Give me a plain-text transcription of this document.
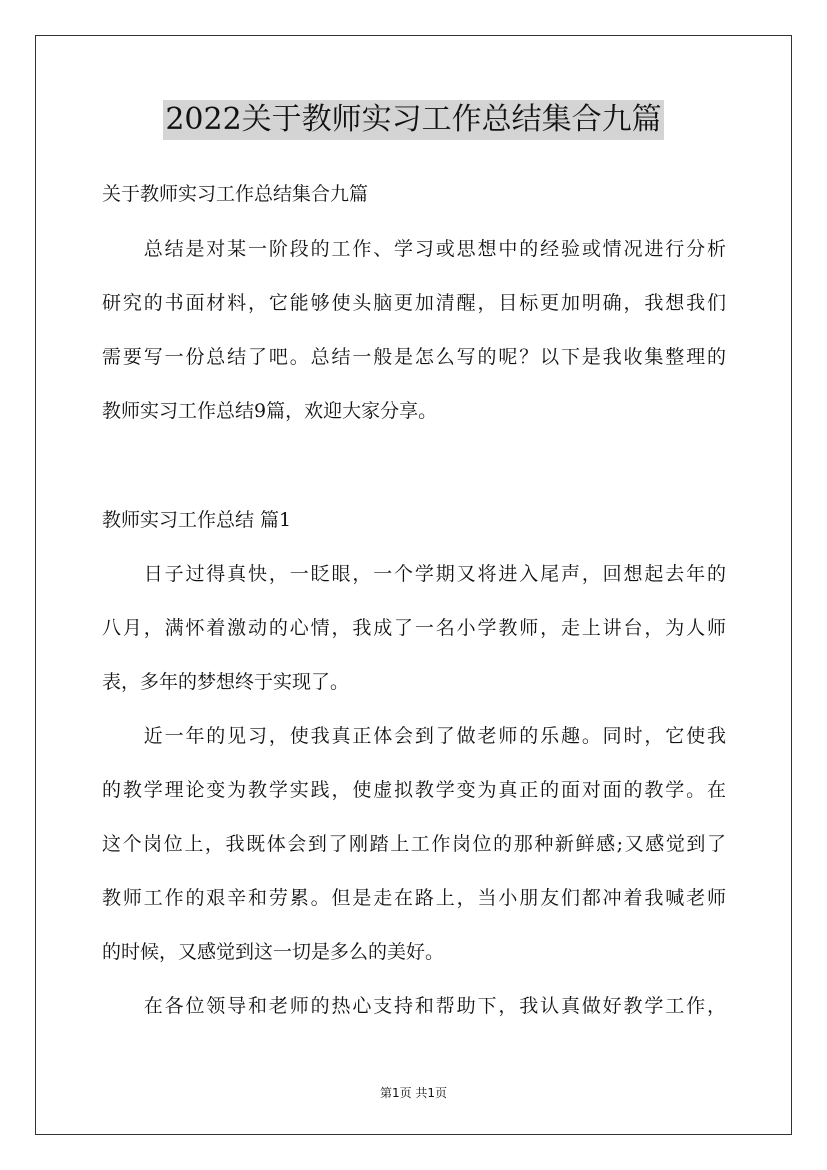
2022关于教师实习工作总结集合九篇
关于教师实习工作总结集合九篇
　　总结是对某一阶段的工作、学习或思想中的经验或情况进行分析
研究的书面材料，它能够使头脑更加清醒，目标更加明确，我想我们
需要写一份总结了吧。总结一般是怎么写的呢？以下是我收集整理的
教师实习工作总结9篇，欢迎大家分享。
教师实习工作总结 篇1
　　日子过得真快，一眨眼，一个学期又将进入尾声，回想起去年的
八月，满怀着激动的心情，我成了一名小学教师，走上讲台，为人师
表，多年的梦想终于实现了。
　　近一年的见习，使我真正体会到了做老师的乐趣。同时，它使我
的教学理论变为教学实践，使虚拟教学变为真正的面对面的教学。在
这个岗位上，我既体会到了刚踏上工作岗位的那种新鲜感;又感觉到了
教师工作的艰辛和劳累。但是走在路上，当小朋友们都冲着我喊老师
的时候，又感觉到这一切是多么的美好。
　　在各位领导和老师的热心支持和帮助下，我认真做好教学工作，
第1页 共1页
